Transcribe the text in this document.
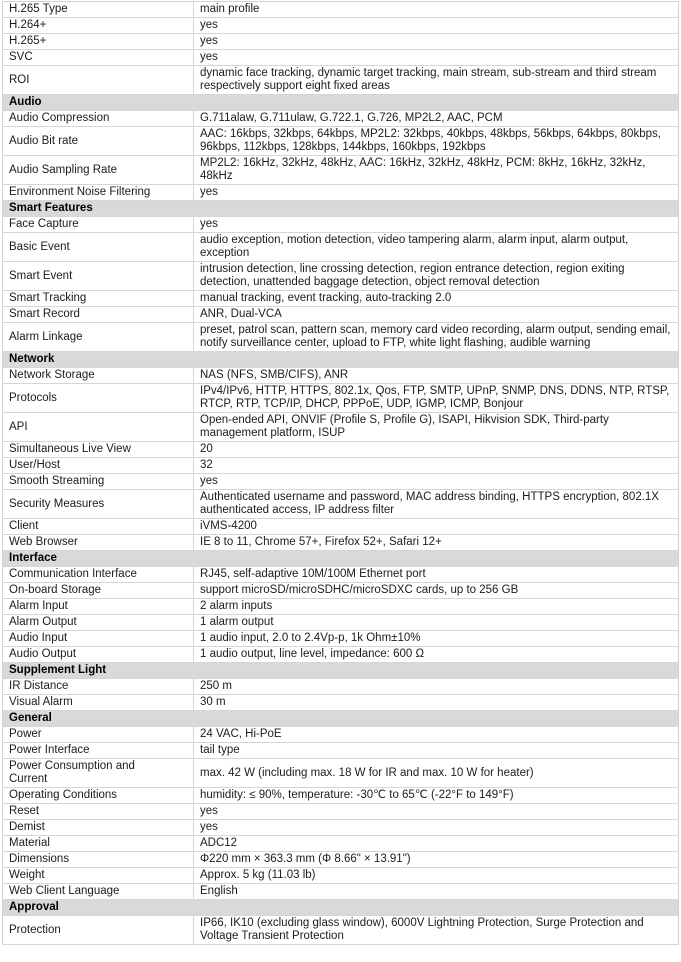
H.265 Type	main profile
H.264+	yes
H.265+	yes
SVC	yes
ROI	dynamic face tracking, dynamic target tracking, main stream, sub-stream and third stream respectively support eight fixed areas
Audio	
Audio Compression	G.711alaw, G.711ulaw, G.722.1, G.726, MP2L2, AAC, PCM
Audio Bit rate	AAC: 16kbps, 32kbps, 64kbps, MP2L2: 32kbps, 40kbps, 48kbps, 56kbps, 64kbps, 80kbps, 96kbps, 112kbps, 128kbps, 144kbps, 160kbps, 192kbps
Audio Sampling Rate	MP2L2: 16kHz, 32kHz, 48kHz, AAC: 16kHz, 32kHz, 48kHz, PCM: 8kHz, 16kHz, 32kHz, 48kHz
Environment Noise Filtering	yes
Smart Features	
Face Capture	yes
Basic Event	audio exception, motion detection, video tampering alarm, alarm input, alarm output, exception
Smart Event	intrusion detection, line crossing detection, region entrance detection, region exiting detection, unattended baggage detection, object removal detection
Smart Tracking	manual tracking, event tracking, auto-tracking 2.0
Smart Record	ANR, Dual-VCA
Alarm Linkage	preset, patrol scan, pattern scan, memory card video recording, alarm output, sending email, notify surveillance center, upload to FTP, white light flashing, audible warning
Network	
Network Storage	NAS (NFS, SMB/CIFS), ANR
Protocols	IPv4/IPv6, HTTP, HTTPS, 802.1x, Qos, FTP, SMTP, UPnP, SNMP, DNS, DDNS, NTP, RTSP, RTCP, RTP, TCP/IP, DHCP, PPPoE, UDP, IGMP, ICMP, Bonjour
API	Open-ended API, ONVIF (Profile S, Profile G), ISAPI, Hikvision SDK, Third-party management platform, ISUP
Simultaneous Live View	20
User/Host	32
Smooth Streaming	yes
Security Measures	Authenticated username and password, MAC address binding, HTTPS encryption, 802.1X authenticated access, IP address filter
Client	iVMS-4200
Web Browser	IE 8 to 11, Chrome 57+, Firefox 52+, Safari 12+
Interface	
Communication Interface	RJ45, self-adaptive 10M/100M Ethernet port
On-board Storage	support microSD/microSDHC/microSDXC cards, up to 256 GB
Alarm Input	2 alarm inputs
Alarm Output	1 alarm output
Audio Input	1 audio input, 2.0 to 2.4Vp-p, 1k Ohm±10%
Audio Output	1 audio output, line level, impedance: 600 Ω
Supplement Light	
IR Distance	250 m
Visual Alarm	30 m
General	
Power	24 VAC, Hi-PoE
Power Interface	tail type
Power Consumption and Current	max. 42 W (including max. 18 W for IR and max. 10 W for heater)
Operating Conditions	humidity: ≤ 90%, temperature: -30℃ to 65℃ (-22°F to 149°F)
Reset	yes
Demist	yes
Material	ADC12
Dimensions	Φ220 mm × 363.3 mm (Φ 8.66" × 13.91")
Weight	Approx. 5 kg (11.03 lb)
Web Client Language	English
Approval	
Protection	IP66, IK10 (excluding glass window), 6000V Lightning Protection, Surge Protection and Voltage Transient Protection
